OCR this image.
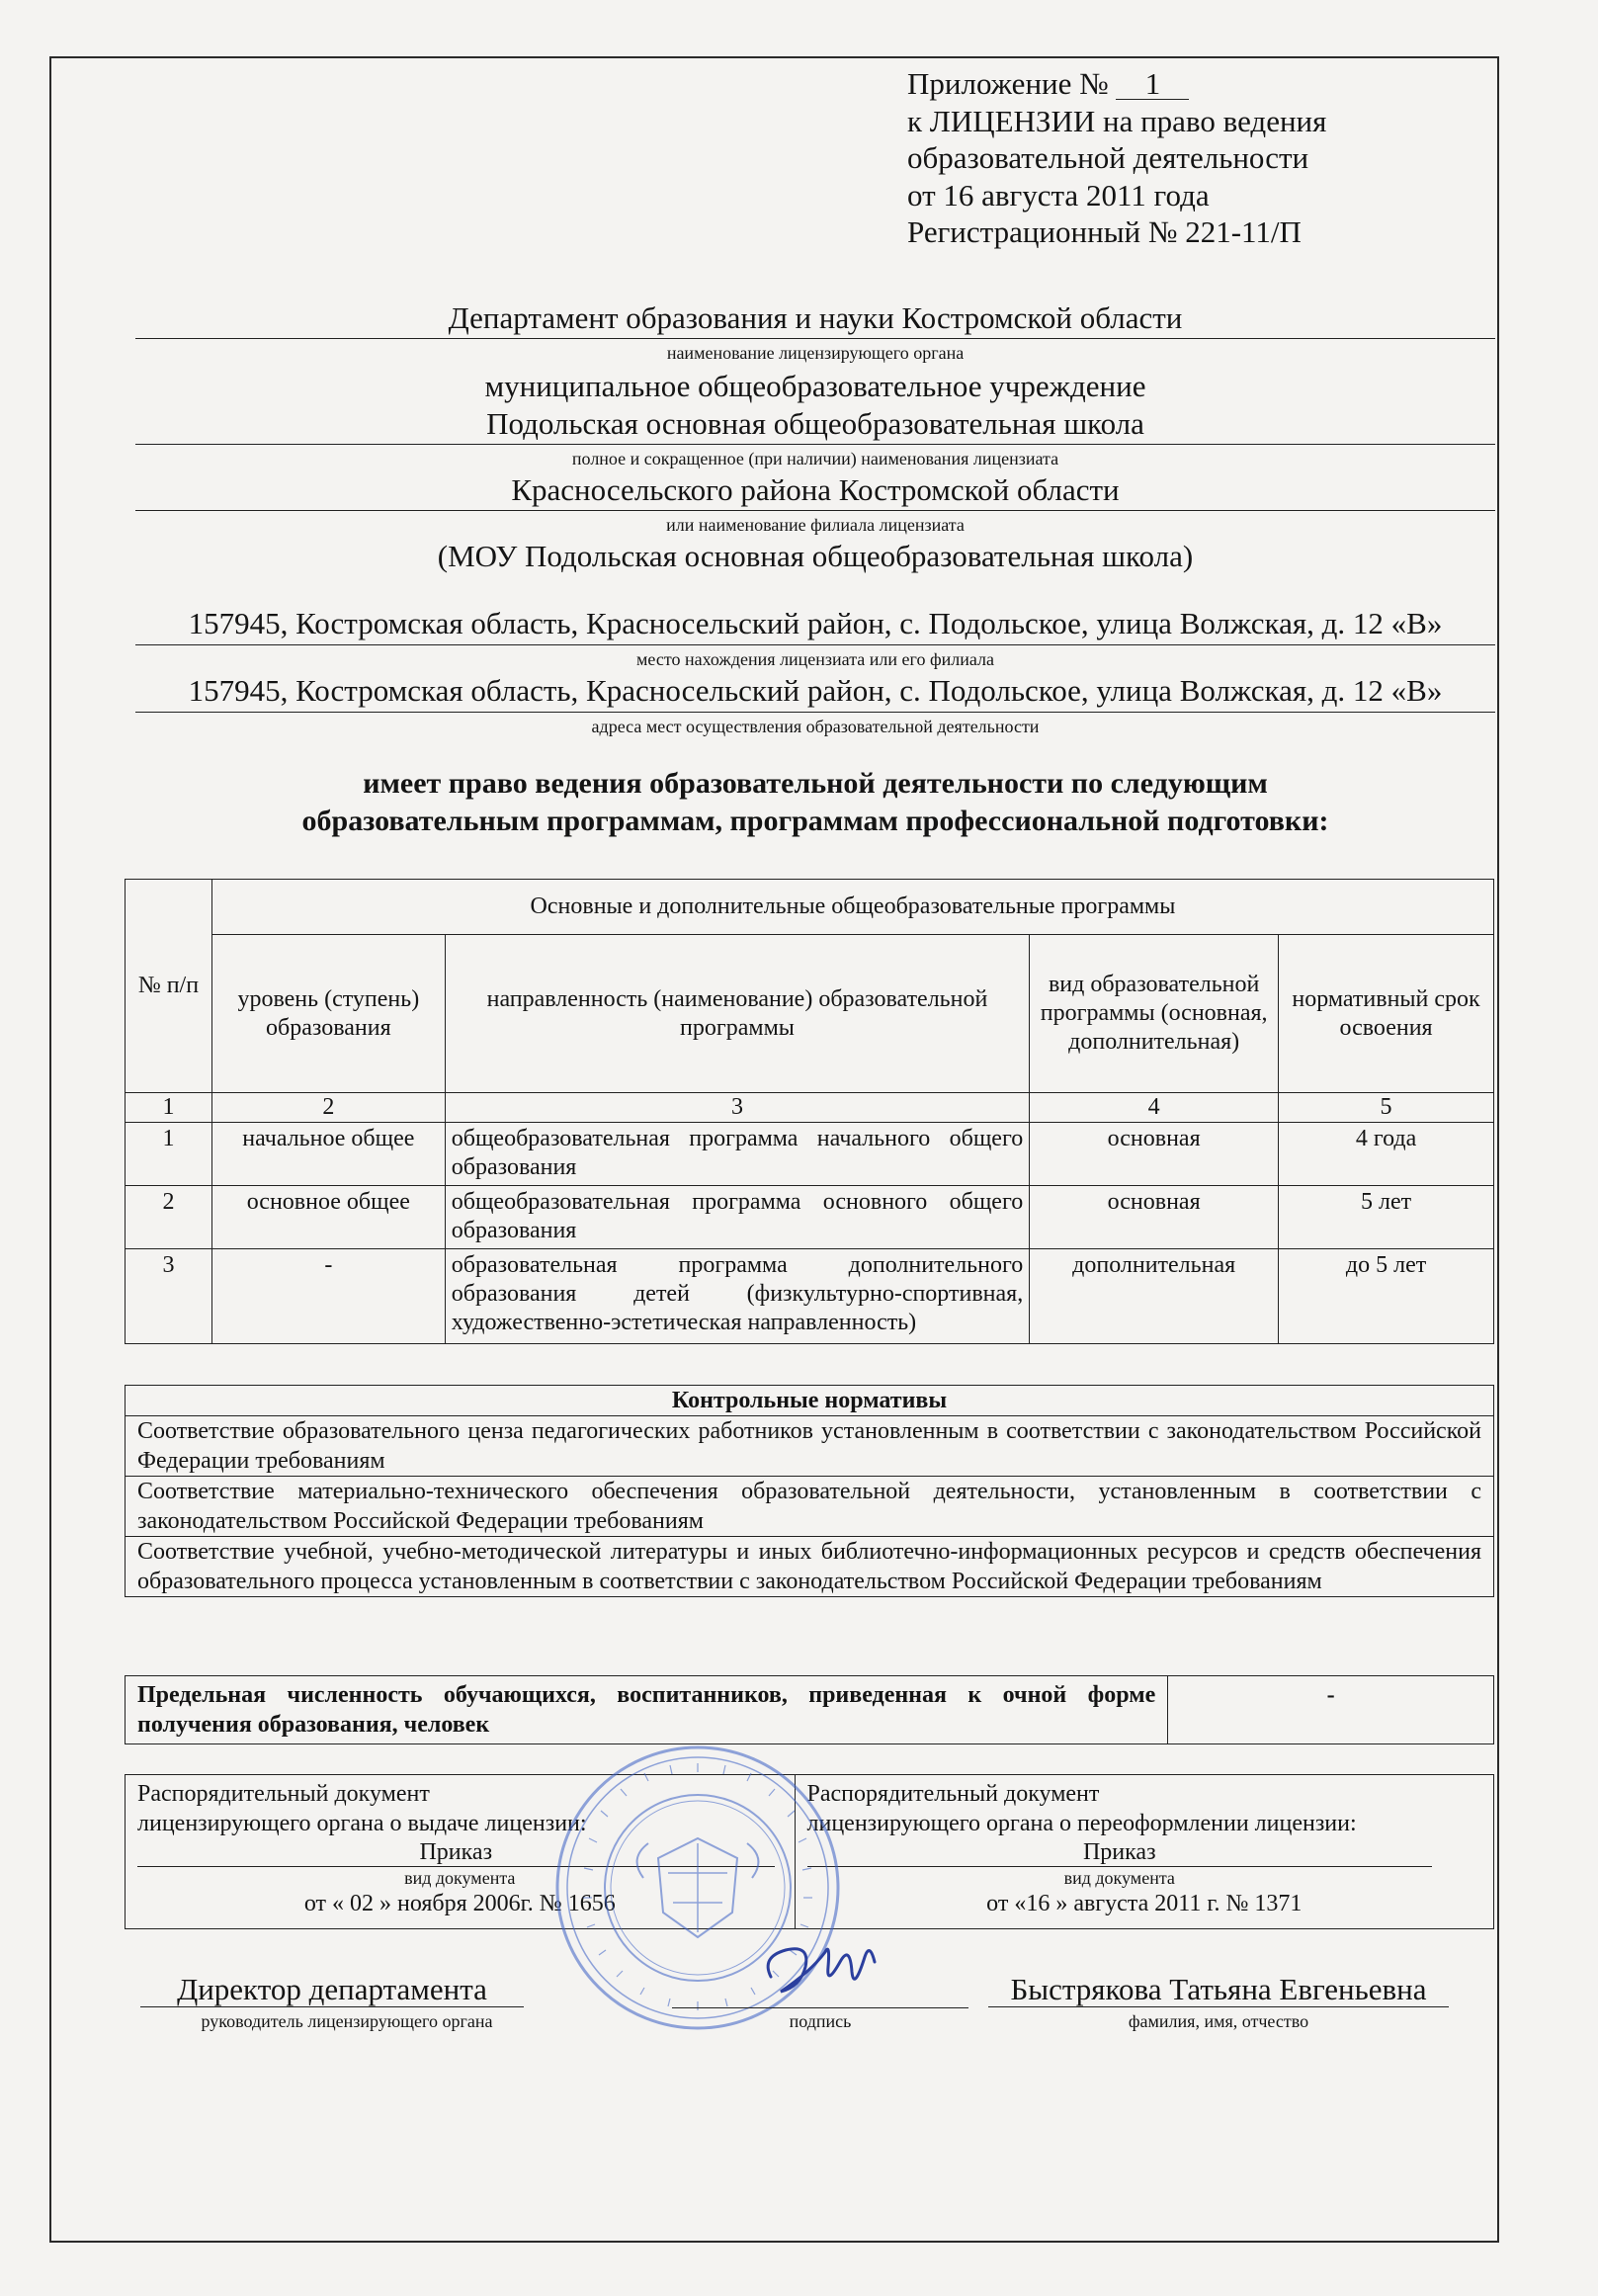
Приложение № 1
к ЛИЦЕНЗИИ на право ведения
образовательной деятельности
от 16 августа 2011 года
Регистрационный № 221-11/П
Департамент образования и науки Костромской области
наименование лицензирующего органа
муниципальное общеобразовательное учреждение
Подольская основная общеобразовательная школа
полное и сокращенное (при наличии) наименования лицензиата
Красносельского района Костромской области
или наименование филиала лицензиата
(МОУ Подольская основная общеобразовательная школа)
157945, Костромская область, Красносельский район, с. Подольское, улица Волжская, д. 12 «В»
место нахождения лицензиата или его филиала
157945, Костромская область, Красносельский район, с. Подольское, улица Волжская, д. 12 «В»
адреса мест осуществления образовательной деятельности
имеет право ведения образовательной деятельности по следующим
образовательным программам, программам профессиональной подготовки:
№ п/п	Основные и дополнительные общеобразовательные программы			
	уровень (ступень) образования	направленность (наименование) образовательной программы	вид образовательной программы (основная, дополнительная)	нормативный срок освоения
1	2	3	4	5
1	начальное общее	общеобразовательная программа начального общего образования	основная	4 года
2	основное общее	общеобразовательная программа основного общего образования	основная	5 лет
3	-	образовательная программа дополнительного образования детей (физкультурно-спортивная, художественно-эстетическая направленность)	дополнительная	до 5 лет
Контрольные нормативы
Соответствие образовательного ценза педагогических работников установленным в соответствии с законодательством Российской Федерации требованиям
Соответствие материально-технического обеспечения образовательной деятельности, установленным в соответствии с законодательством Российской Федерации требованиям
Соответствие учебной, учебно-методической литературы и иных библиотечно-информационных ресурсов и средств обеспечения образовательного процесса установленным в соответствии с законодательством Российской Федерации требованиям
Предельная численность обучающихся, воспитанников, приведенная к очной форме получения образования, человек	-
Распорядительный документ
лицензирующего органа о выдаче лицензии:
Приказ
вид документа
от « 02 » ноября 2006г. № 1656

Распорядительный документ
лицензирующего органа о переоформлении лицензии:
Приказ
вид документа
от «16 » августа 2011 г. № 1371
Директор департамента
руководитель лицензирующего органа	подпись
Быстрякова Татьяна Евгеньевна
фамилия, имя, отчество
